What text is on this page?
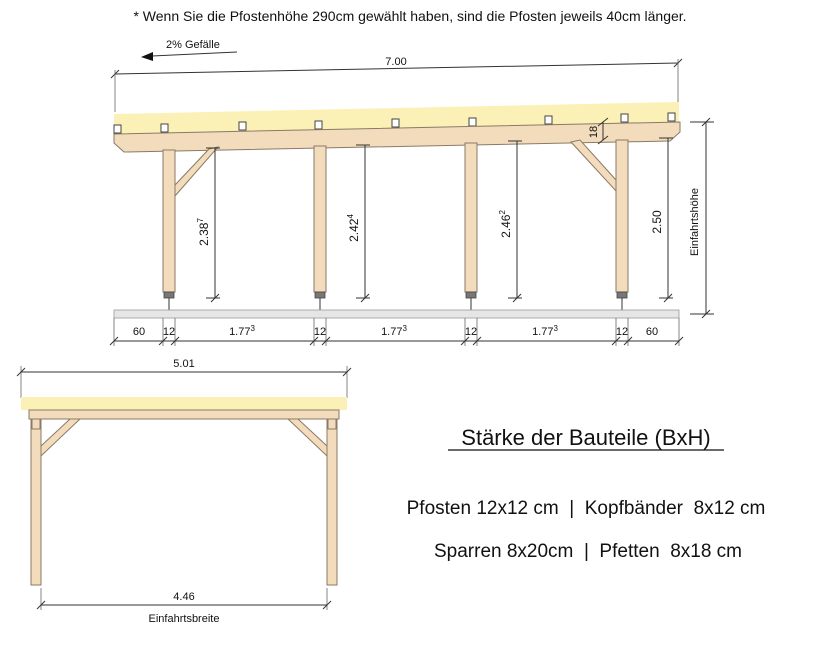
* Wenn Sie die Pfostenhöhe 290cm gewählt haben, sind die Pfosten jeweils 40cm länger.
2% Gefälle
7.00
2.38$^7$	2.42$^4$	2.46$^2$	2.50
18
Einfahrtshöhe
60 12	1.77$^3$	12	1.77$^3$	12	1.77$^3$	12 60
5.01
4.46
Einfahrtsbreite
Stärke der Bauteile (BxH)
Pfosten 12x12 cm  |  Kopfbänder  8x12 cm
Sparren 8x20cm  |  Pfetten  8x18 cm
